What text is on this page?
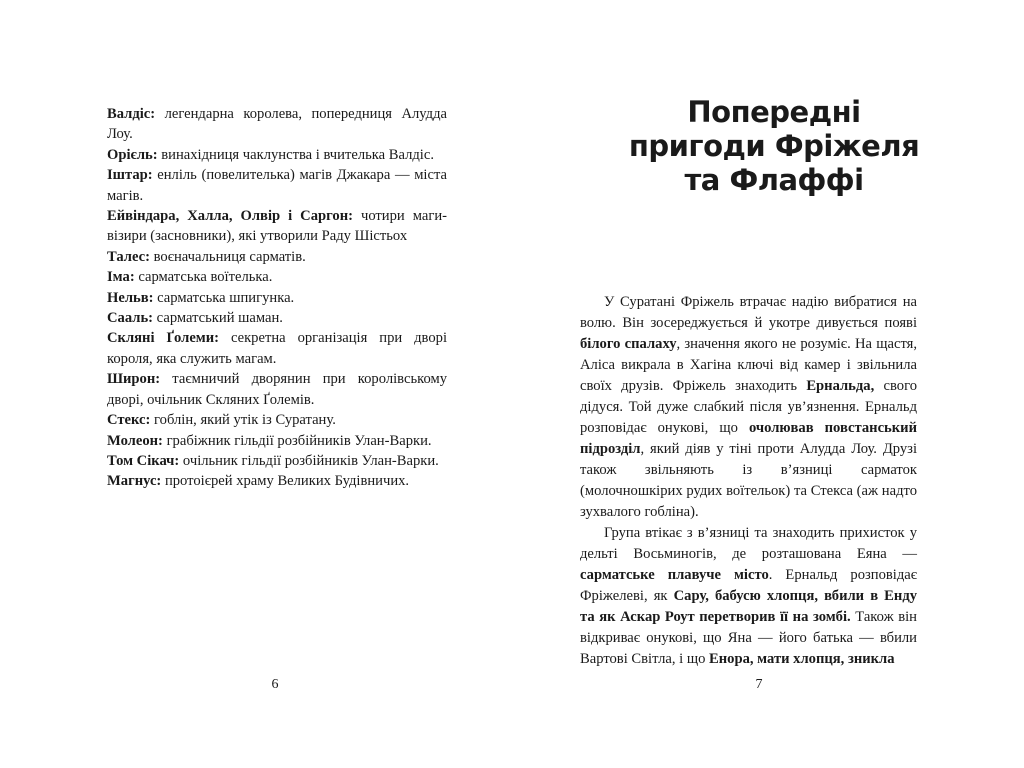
Валдіс: легендарна королева, попередниця Алудда Лоу.

Орієль: винахідниця чаклунства і вчителька Валдіс.

Іштар: енліль (повелителька) магів Джакара — міста магів.

Ейвіндара, Халла, Олвір і Саргон: чотири маги-візири (засновники), які утворили Раду Шістьох

Талес: воєначальниця сарматів.

Іма: сарматська воїтелька.

Нельв: сарматська шпигунка.

Сааль: сарматський шаман.

Скляні Ґолеми: секретна організація при дворі короля, яка служить магам.

Широн: таємничий дворянин при королівському дворі, очільник Скляних Ґолемів.

Стекс: гоблін, який утік із Суратану.

Молеон: грабіжник гільдії розбійників Улан-Варки.

Том Сікач: очільник гільдії розбійників Улан-Варки.

Магнус: протоієрей храму Великих Будівничих.

6
Попередні
пригоди Фріжеля
та Флаффі

У Суратані Фріжель втрачає надію вибратися на волю. Він зосереджується й укотре дивується появі білого спалаху, значення якого не розуміє. На щастя, Аліса викрала в Хагіна ключі від камер і звільнила своїх друзів. Фріжель знаходить Ернальда, свого дідуся. Той дуже слабкий після ув’язнення. Ернальд розповідає онукові, що очолював повстанський підрозділ, який діяв у тіні проти Алудда Лоу. Друзі також звільняють із в’язниці сарматок (молочношкірих рудих воїтельок) та Стекса (аж надто зухвалого гобліна).

Група втікає з в’язниці та знаходить прихисток у дельті Восьминогів, де розташована Еяна — сарматське плавуче місто. Ернальд розповідає Фріжелеві, як Сару, бабусю хлопця, вбили в Енду та як Аскар Роут перетворив її на зомбі. Також він відкриває онукові, що Яна — його батька — вбили Вартові Світла, і що Енора, мати хлопця, зникла

7
